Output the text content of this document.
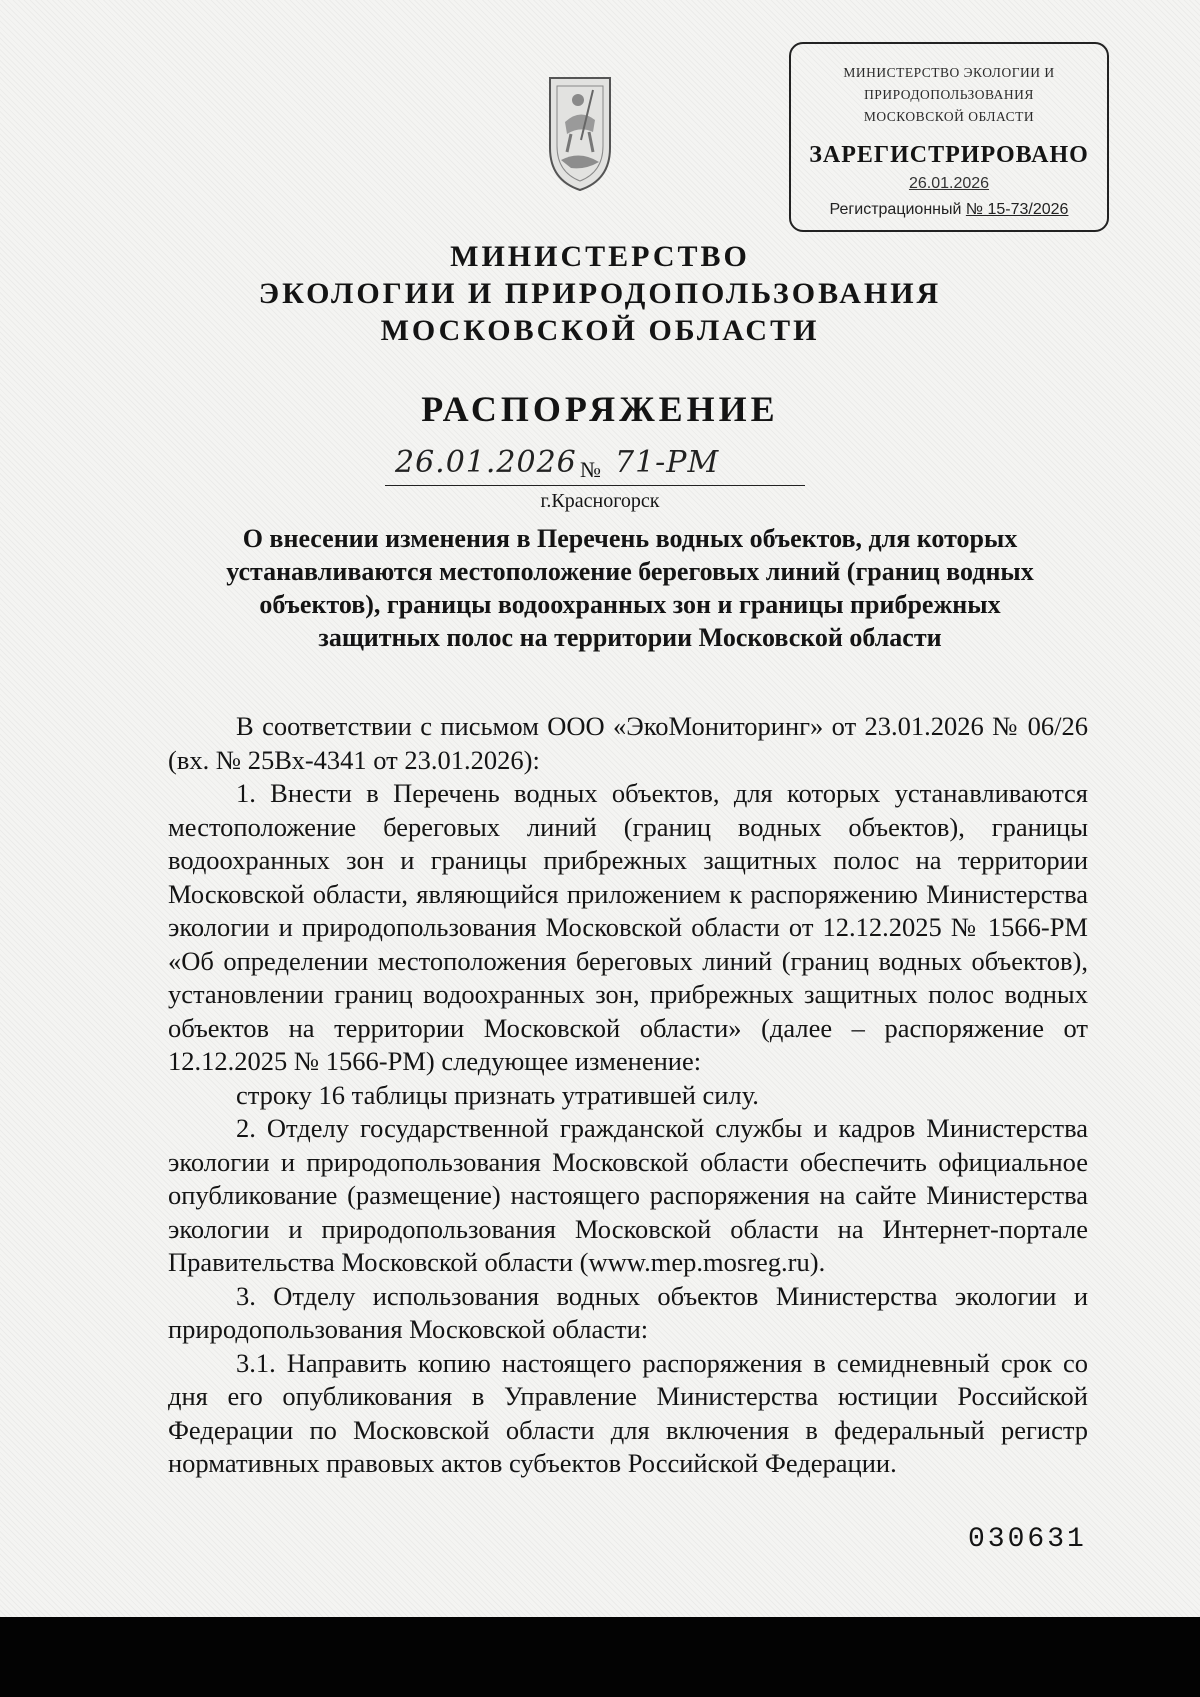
МИНИСТЕРСТВО ЭКОЛОГИИ И
ПРИРОДОПОЛЬЗОВАНИЯ
МОСКОВСКОЙ ОБЛАСТИ
ЗАРЕГИСТРИРОВАНО
26.01.2026
Регистрационный № 15-73/2026
МИНИСТЕРСТВО
ЭКОЛОГИИ И ПРИРОДОПОЛЬЗОВАНИЯ
МОСКОВСКОЙ ОБЛАСТИ
РАСПОРЯЖЕНИЕ
26.01.2026 № 71-РМ
г.Красногорск
О внесении изменения в Перечень водных объектов, для которых
устанавливаются местоположение береговых линий (границ водных
объектов), границы водоохранных зон и границы прибрежных
защитных полос на территории Московской области

В соответствии с письмом ООО «ЭкоМониторинг» от 23.01.2026 № 06/26 (вх. № 25Вх-4341 от 23.01.2026):

1. Внести в Перечень водных объектов, для которых устанавливаются местоположение береговых линий (границ водных объектов), границы водоохранных зон и границы прибрежных защитных полос на территории Московской области, являющийся приложением к распоряжению Министерства экологии и природопользования Московской области от 12.12.2025 № 1566-РМ «Об определении местоположения береговых линий (границ водных объектов), установлении границ водоохранных зон, прибрежных защитных полос водных объектов на территории Московской области» (далее – распоряжение от 12.12.2025 № 1566-РМ) следующее изменение:

строку 16 таблицы признать утратившей силу.

2. Отделу государственной гражданской службы и кадров Министерства экологии и природопользования Московской области обеспечить официальное опубликование (размещение) настоящего распоряжения на сайте Министерства экологии и природопользования Московской области на Интернет-портале Правительства Московской области (www.mep.mosreg.ru).

3. Отделу использования водных объектов Министерства экологии и природопользования Московской области:

3.1. Направить копию настоящего распоряжения в семидневный срок со дня его опубликования в Управление Министерства юстиции Российской Федерации по Московской области для включения в федеральный регистр нормативных правовых актов субъектов Российской Федерации.

030631
